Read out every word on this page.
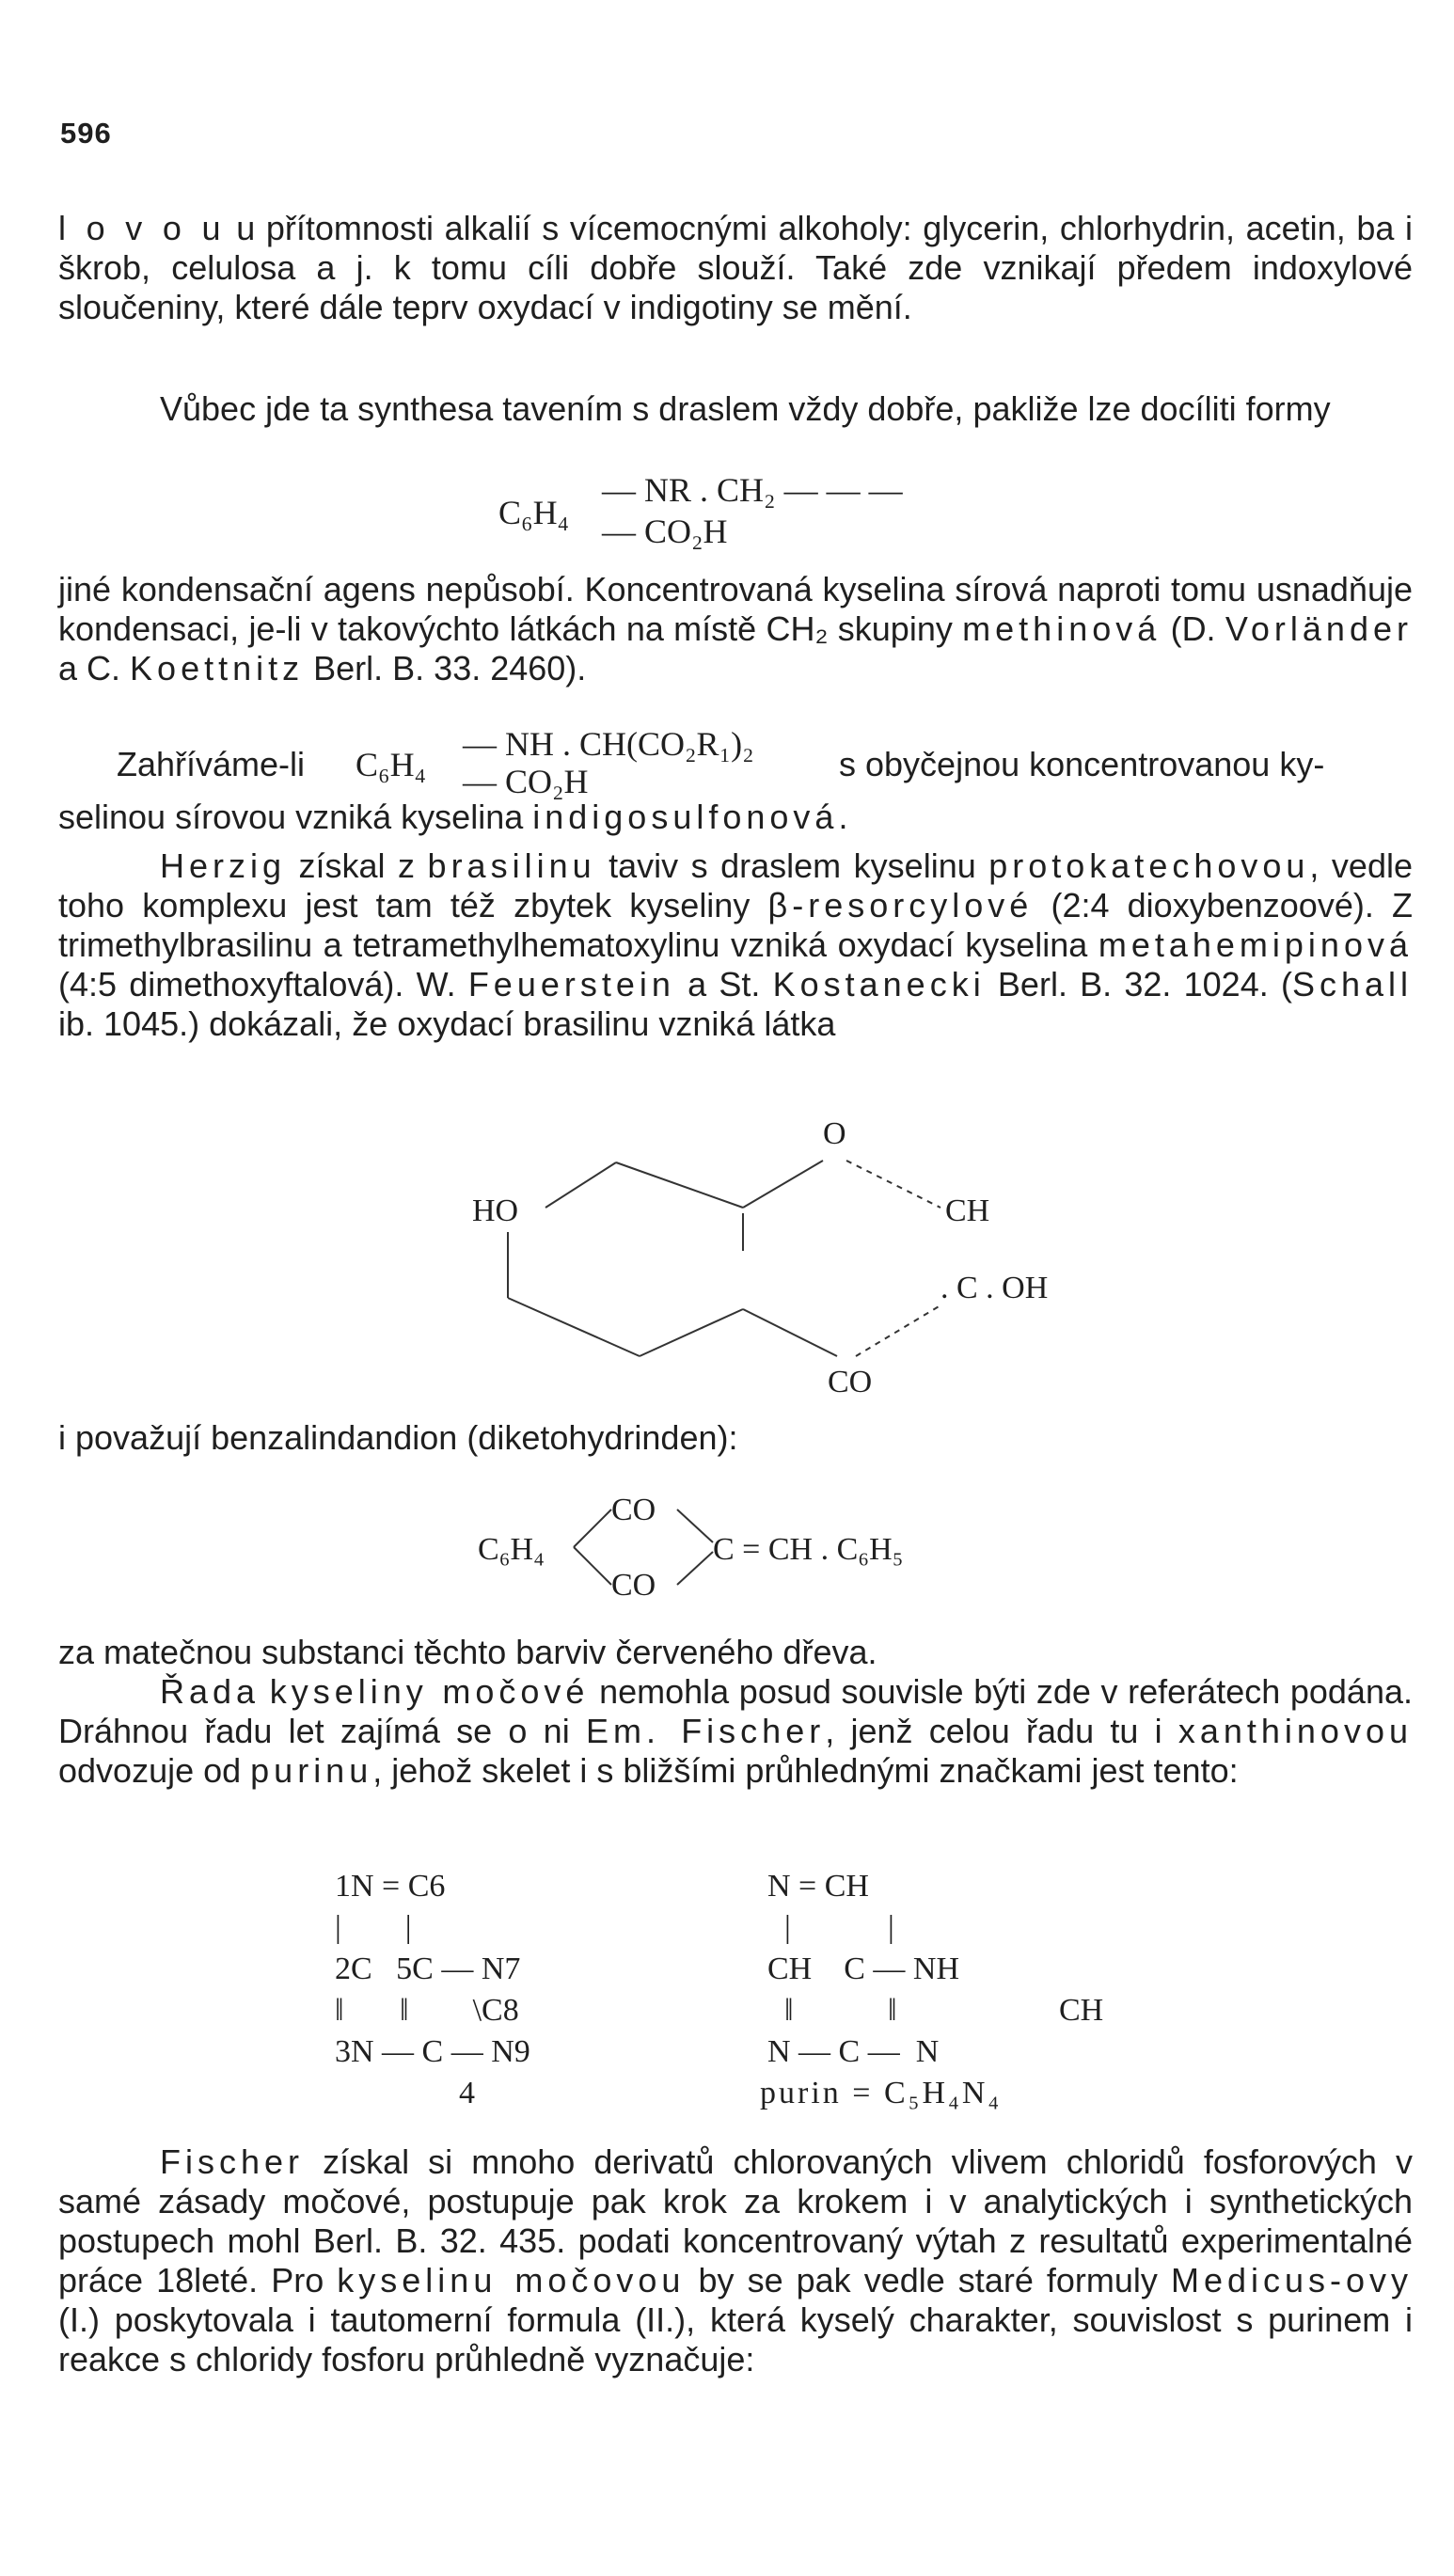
596

l o v o u u přítomnosti alkalií s vícemocnými alkoholy: glycerin, chlorhydrin, acetin, ba i škrob, celulosa a j. k tomu cíli dobře slouží. Také zde vznikají předem indoxylové sloučeniny, které dále teprv oxydací v indigotiny se mění.

Vůbec jde ta synthesa tavením s draslem vždy dobře, pakliže lze docíliti formy

C₆H₄
— NR . CH₂ — — —
— CO₂H

jiné kondensační agens nepůsobí. Koncentrovaná kyselina sírová naproti tomu usnadňuje kondensaci, je-li v takovýchto látkách na místě CH₂ skupiny methinová (D. Vorländer a C. Koettnitz Berl. B. 33. 2460).

Zahříváme-li C₆H₄
— NH . CH(CO₂R₁)₂
— CO₂H	s obyčejnou koncentrovanou ky-

selinou sírovou vzniká kyselina indigosulfonová.

Herzig získal z brasilinu taviv s draslem kyselinu protokatechovou, vedle toho komplexu jest tam též zbytek kyseliny β-resorcylové (2:4 dioxybenzoové). Z trimethylbrasilinu a tetramethylhematoxylinu vzniká oxydací kyselina metahemipinová (4:5 dimethoxyftalová). W. Feuerstein a St. Kostanecki Berl. B. 32. 1024. (Schall ib. 1045.) dokázali, že oxydací brasilinu vzniká látka

O
HO	CH
. C . OH
CO

i považují benzalindandion (diketohydrinden):

C₆H₄
CO
CO
C = CH . C₆H₅

za matečnou substanci těchto barviv červeného dřeva.

Řada kyseliny močové nemohla posud souvisle býti zde v referátech podána. Dráhnou řadu let zajímá se o ni Em. Fischer, jenž celou řadu tu i xanthinovou odvozuje od purinu, jehož skelet i s bližšími průhlednými značkami jest tento:

1N = C6
|        |
2C   5C — N7
‖       ‖        \C8
3N — C — N9
4
N = CH
|	|
CH    C — NH
‖	‖
N — C —  N
CH
purin = C₅H₄N₄

Fischer získal si mnoho derivatů chlorovaných vlivem chloridů fosforových v samé zásady močové, postupuje pak krok za krokem i v analytických i synthetických postupech mohl Berl. B. 32. 435. podati koncentrovaný výtah z resultatů experimentalné práce 18leté. Pro kyselinu močovou by se pak vedle staré formuly Medicus-ovy (I.) poskytovala i tautomerní formula (II.), která kyselý charakter, souvislost s purinem i reakce s chloridy fosforu průhledně vyznačuje:
